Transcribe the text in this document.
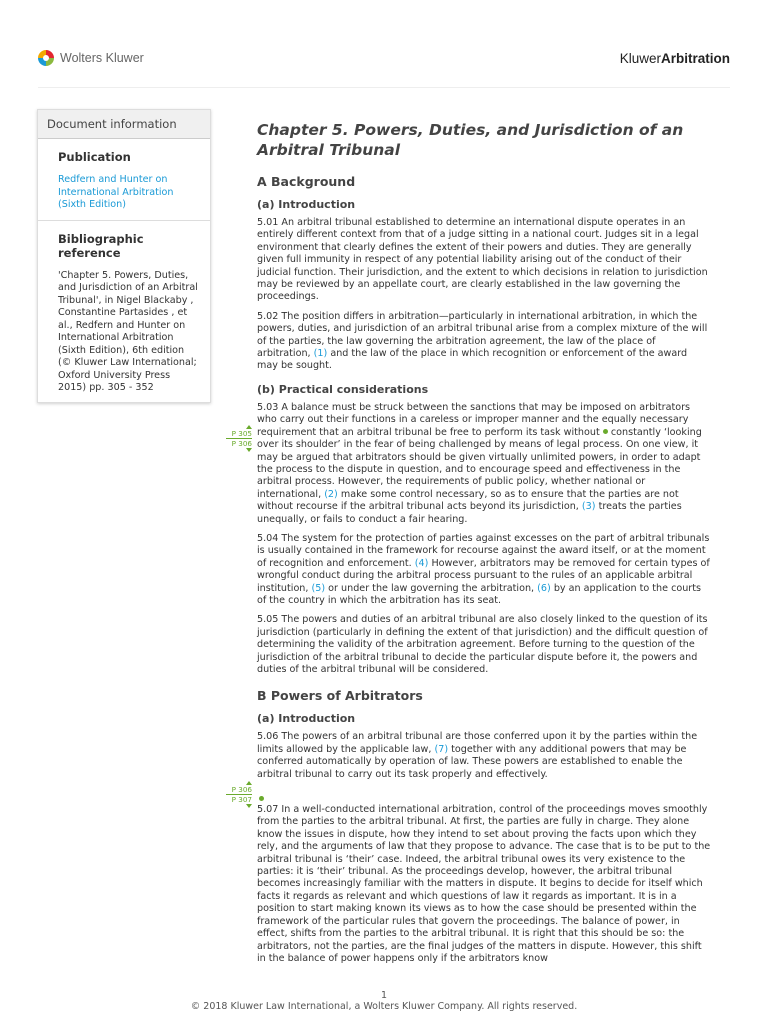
Wolters Kluwer	KluwerArbitration
Document information
Publication
Redfern and Hunter on International Arbitration (Sixth Edition)
Bibliographic reference
'Chapter 5. Powers, Duties, and Jurisdiction of an Arbitral Tribunal', in Nigel Blackaby , Constantine Partasides , et al., Redfern and Hunter on International Arbitration (Sixth Edition), 6th edition (© Kluwer Law International; Oxford University Press 2015) pp. 305 - 352
P 305
P 306
P 306
P 307
Chapter 5. Powers, Duties, and Jurisdiction of an Arbitral Tribunal
A Background
(a) Introduction

5.01 An arbitral tribunal established to determine an international dispute operates in an entirely different context from that of a judge sitting in a national court. Judges sit in a legal environment that clearly defines the extent of their powers and duties. They are generally given full immunity in respect of any potential liability arising out of the conduct of their judicial function. Their jurisdiction, and the extent to which decisions in relation to jurisdiction may be reviewed by an appellate court, are clearly established in the law governing the proceedings.

5.02 The position differs in arbitration—particularly in international arbitration, in which the powers, duties, and jurisdiction of an arbitral tribunal arise from a complex mixture of the will of the parties, the law governing the arbitration agreement, the law of the place of arbitration, (1) and the law of the place in which recognition or enforcement of the award may be sought.

(b) Practical considerations

5.03 A balance must be struck between the sanctions that may be imposed on arbitrators who carry out their functions in a careless or improper manner and the equally necessary requirement that an arbitral tribunal be free to perform its task without constantly ‘looking over its shoulder’ in the fear of being challenged by means of legal process. On one view, it may be argued that arbitrators should be given virtually unlimited powers, in order to adapt the process to the dispute in question, and to encourage speed and effectiveness in the arbitral process. However, the requirements of public policy, whether national or international, (2) make some control necessary, so as to ensure that the parties are not without recourse if the arbitral tribunal acts beyond its jurisdiction, (3) treats the parties unequally, or fails to conduct a fair hearing.

5.04 The system for the protection of parties against excesses on the part of arbitral tribunals is usually contained in the framework for recourse against the award itself, or at the moment of recognition and enforcement. (4) However, arbitrators may be removed for certain types of wrongful conduct during the arbitral process pursuant to the rules of an applicable arbitral institution, (5) or under the law governing the arbitration, (6) by an application to the courts of the country in which the arbitration has its seat.

5.05 The powers and duties of an arbitral tribunal are also closely linked to the question of its jurisdiction (particularly in defining the extent of that jurisdiction) and the difficult question of determining the validity of the arbitration agreement. Before turning to the question of the jurisdiction of the arbitral tribunal to decide the particular dispute before it, the powers and duties of the arbitral tribunal will be considered.

B Powers of Arbitrators
(a) Introduction

5.06 The powers of an arbitral tribunal are those conferred upon it by the parties within the limits allowed by the applicable law, (7) together with any additional powers that may be conferred automatically by operation of law. These powers are established to enable the arbitral tribunal to carry out its task properly and effectively.

5.07 In a well-conducted international arbitration, control of the proceedings moves smoothly from the parties to the arbitral tribunal. At first, the parties are fully in charge. They alone know the issues in dispute, how they intend to set about proving the facts upon which they rely, and the arguments of law that they propose to advance. The case that is to be put to the arbitral tribunal is ‘their’ case. Indeed, the arbitral tribunal owes its very existence to the parties: it is ‘their’ tribunal. As the proceedings develop, however, the arbitral tribunal becomes increasingly familiar with the matters in dispute. It begins to decide for itself which facts it regards as relevant and which questions of law it regards as important. It is in a position to start making known its views as to how the case should be presented within the framework of the particular rules that govern the proceedings. The balance of power, in effect, shifts from the parties to the arbitral tribunal. It is right that this should be so: the arbitrators, not the parties, are the final judges of the matters in dispute. However, this shift in the balance of power happens only if the arbitrators know

1
© 2018 Kluwer Law International, a Wolters Kluwer Company. All rights reserved.
